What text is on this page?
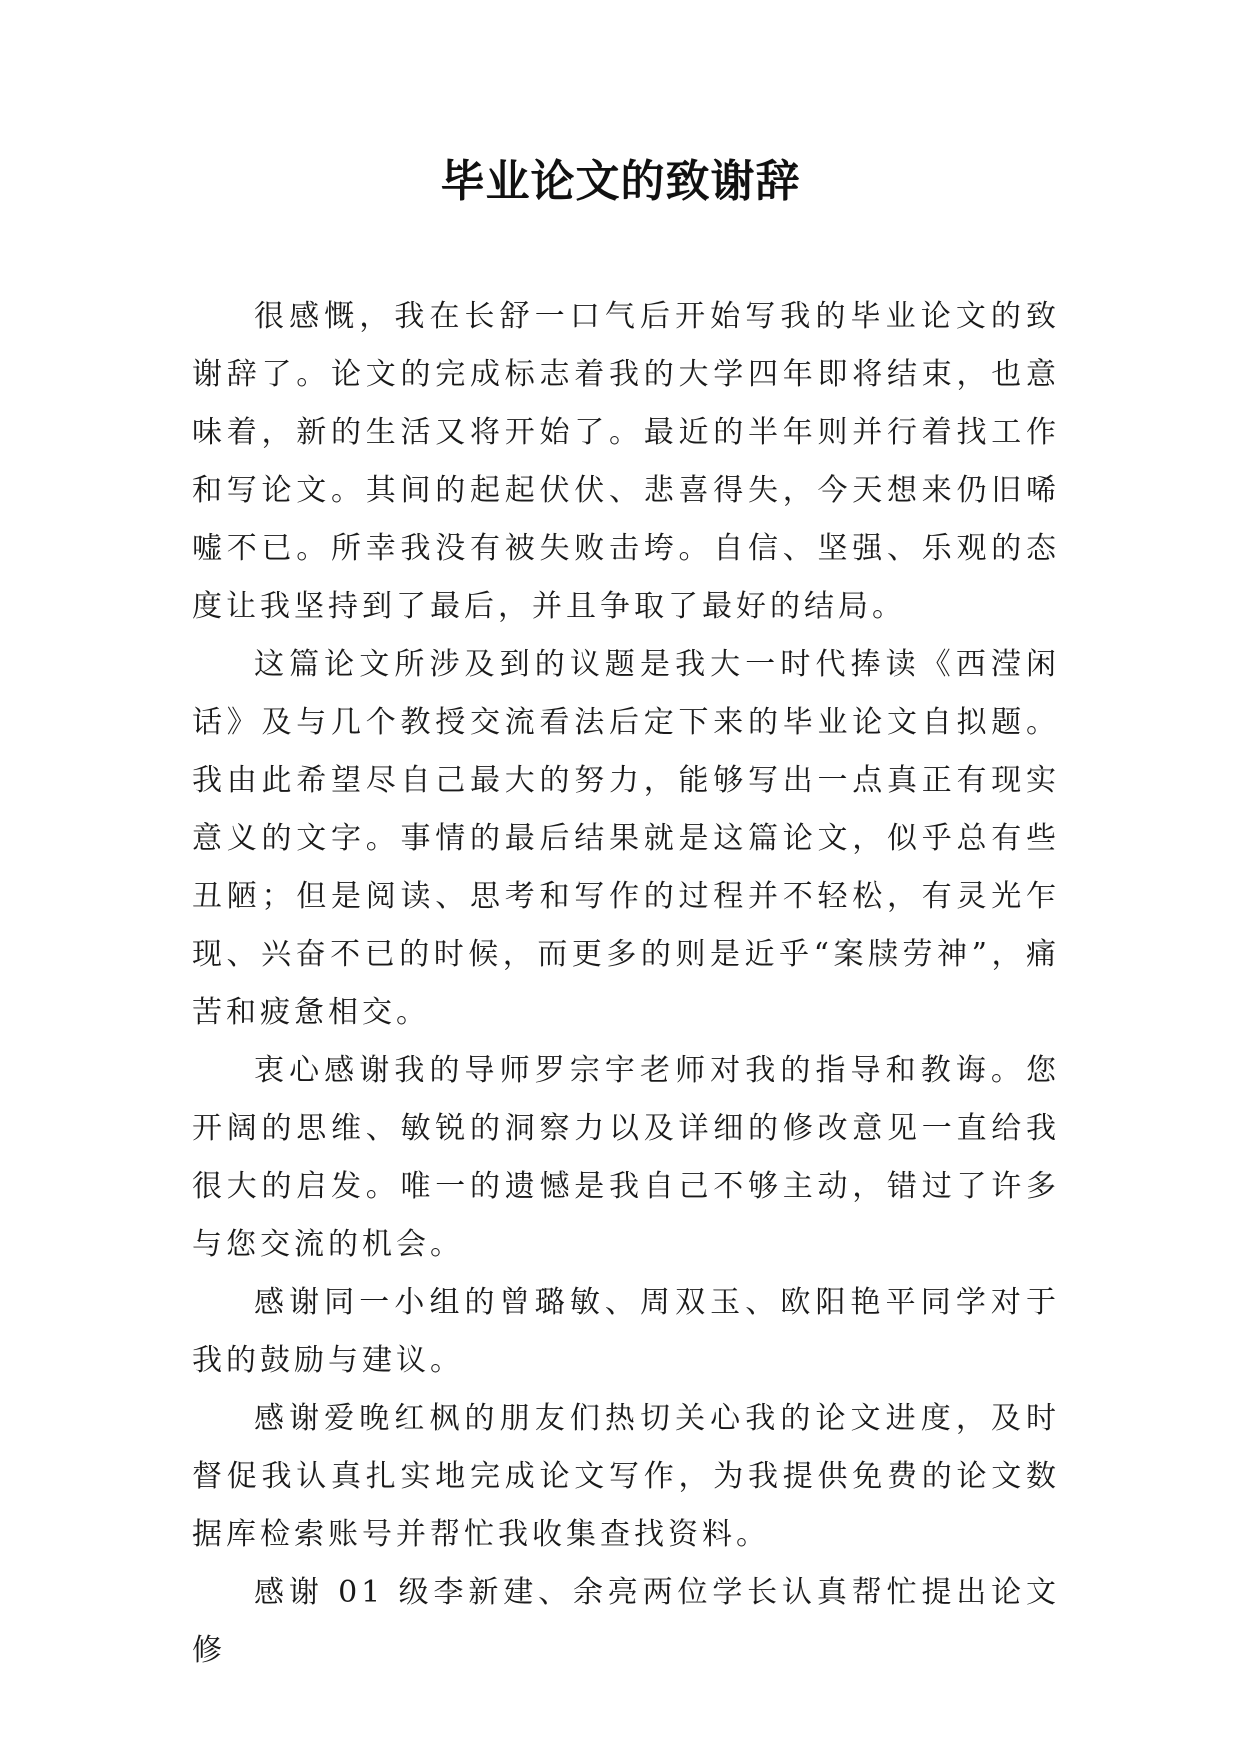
毕业论文的致谢辞

很感慨，我在长舒一口气后开始写我的毕业论文的致谢辞了。论文的完成标志着我的大学四年即将结束，也意味着，新的生活又将开始了。最近的半年则并行着找工作和写论文。其间的起起伏伏、悲喜得失，今天想来仍旧唏嘘不已。所幸我没有被失败击垮。自信、坚强、乐观的态度让我坚持到了最后，并且争取了最好的结局。

这篇论文所涉及到的议题是我大一时代捧读《西滢闲话》及与几个教授交流看法后定下来的毕业论文自拟题。我由此希望尽自己最大的努力，能够写出一点真正有现实意义的文字。事情的最后结果就是这篇论文，似乎总有些丑陋；但是阅读、思考和写作的过程并不轻松，有灵光乍现、兴奋不已的时候，而更多的则是近乎“案牍劳神”，痛苦和疲惫相交。

衷心感谢我的导师罗宗宇老师对我的指导和教诲。您开阔的思维、敏锐的洞察力以及详细的修改意见一直给我很大的启发。唯一的遗憾是我自己不够主动，错过了许多与您交流的机会。

感谢同一小组的曾璐敏、周双玉、欧阳艳平同学对于我的鼓励与建议。

感谢爱晚红枫的朋友们热切关心我的论文进度，及时督促我认真扎实地完成论文写作，为我提供免费的论文数据库检索账号并帮忙我收集查找资料。

感谢 01 级李新建、余亮两位学长认真帮忙提出论文修
